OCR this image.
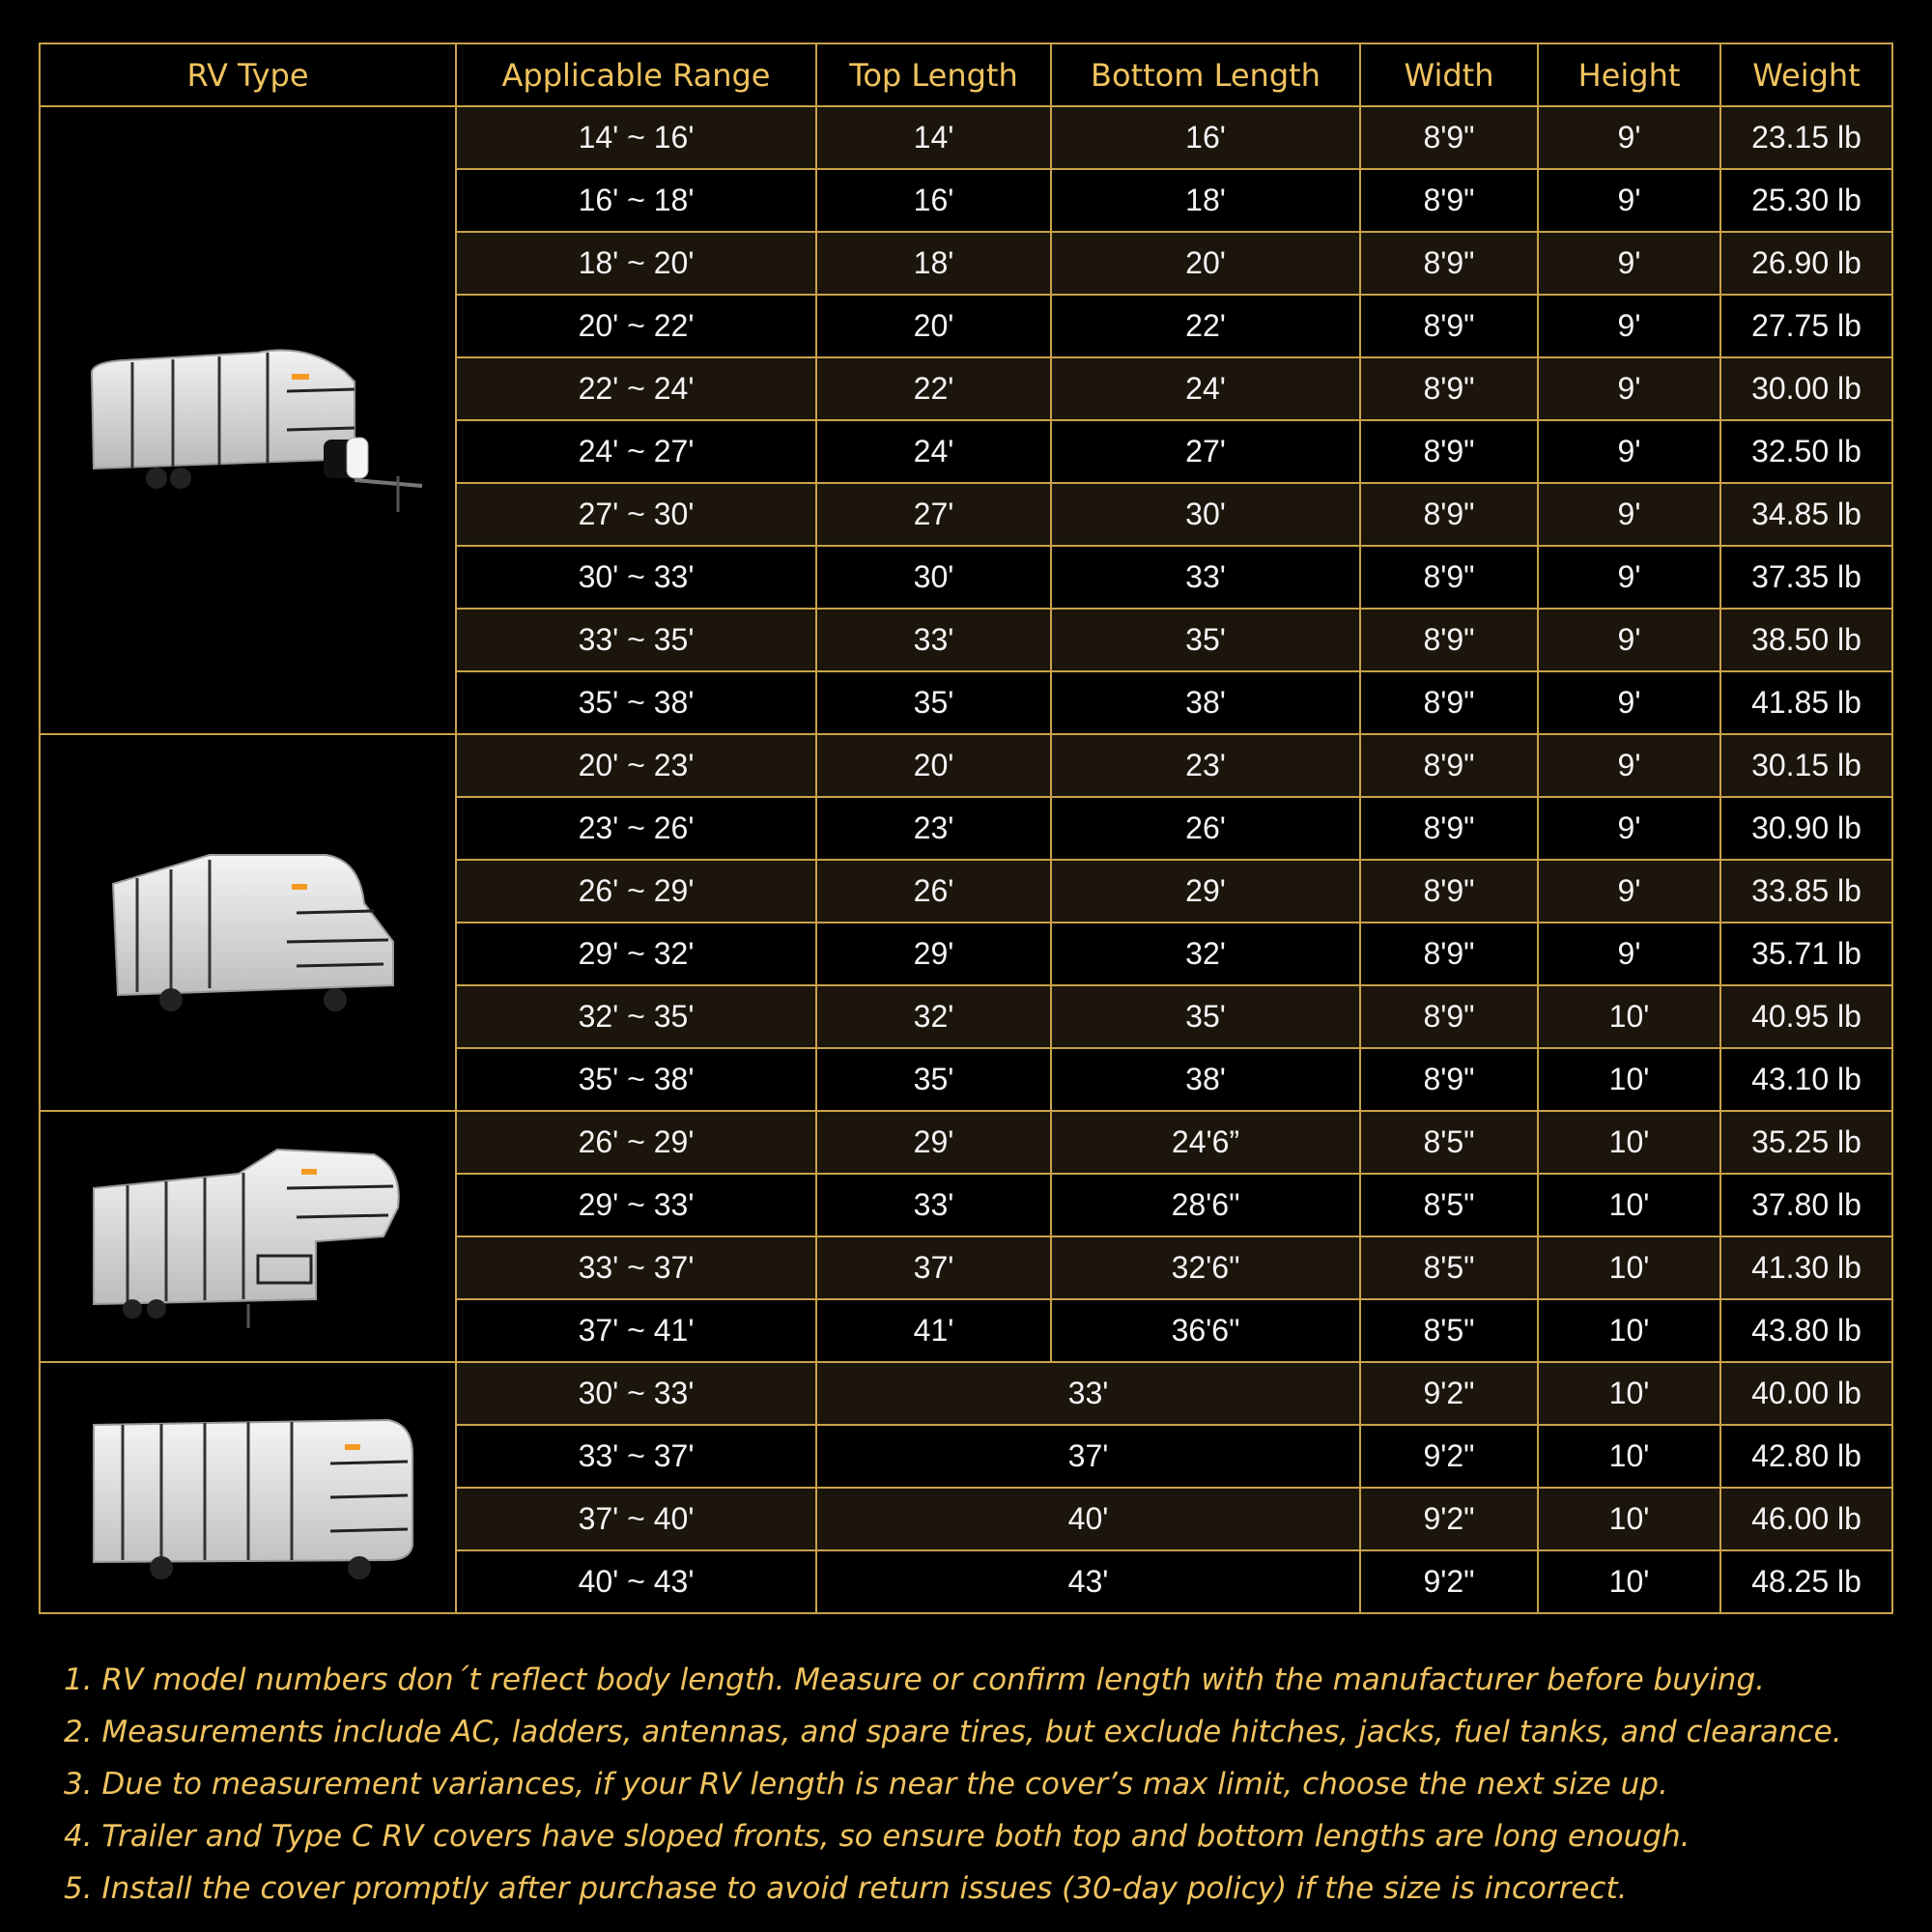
RV Type	Applicable Range	Top Length	Bottom Length	Width	Height	Weight

	14' ~ 16'	14'	16'	8'9"	9'	23.15 lb
	16' ~ 18'	16'	18'	8'9"	9'	25.30 lb
	18' ~ 20'	18'	20'	8'9"	9'	26.90 lb
	20' ~ 22'	20'	22'	8'9"	9'	27.75 lb
	22' ~ 24'	22'	24'	8'9"	9'	30.00 lb
	24' ~ 27'	24'	27'	8'9"	9'	32.50 lb
	27' ~ 30'	27'	30'	8'9"	9'	34.85 lb
	30' ~ 33'	30'	33'	8'9"	9'	37.35 lb
	33' ~ 35'	33'	35'	8'9"	9'	38.50 lb
	35' ~ 38'	35'	38'	8'9"	9'	41.85 lb

	20' ~ 23'	20'	23'	8'9"	9'	30.15 lb
	23' ~ 26'	23'	26'	8'9"	9'	30.90 lb
	26' ~ 29'	26'	29'	8'9"	9'	33.85 lb
	29' ~ 32'	29'	32'	8'9"	9'	35.71 lb
	32' ~ 35'	32'	35'	8'9"	10'	40.95 lb
	35' ~ 38'	35'	38'	8'9"	10'	43.10 lb

	26' ~ 29'	29'	24'6”	8'5"	10'	35.25 lb
	29' ~ 33'	33'	28'6"	8'5"	10'	37.80 lb
	33' ~ 37'	37'	32'6"	8'5"	10'	41.30 lb
	37' ~ 41'	41'	36'6"	8'5"	10'	43.80 lb

	30' ~ 33'	33'		9'2"	10'	40.00 lb
	33' ~ 37'	37'		9'2"	10'	42.80 lb
	37' ~ 40'	40'		9'2"	10'	46.00 lb
	40' ~ 43'	43'		9'2"	10'	48.25 lb
1. RV model numbers don´t reflect body length. Measure or confirm length with the manufacturer before buying.
2. Measurements include AC, ladders, antennas, and spare tires, but exclude hitches, jacks, fuel tanks, and clearance.
3. Due to measurement variances, if your RV length is near the cover’s max limit, choose the next size up.
4. Trailer and Type C RV covers have sloped fronts, so ensure both top and bottom lengths are long enough.
5. Install the cover promptly after purchase to avoid return issues (30-day policy) if the size is incorrect.
